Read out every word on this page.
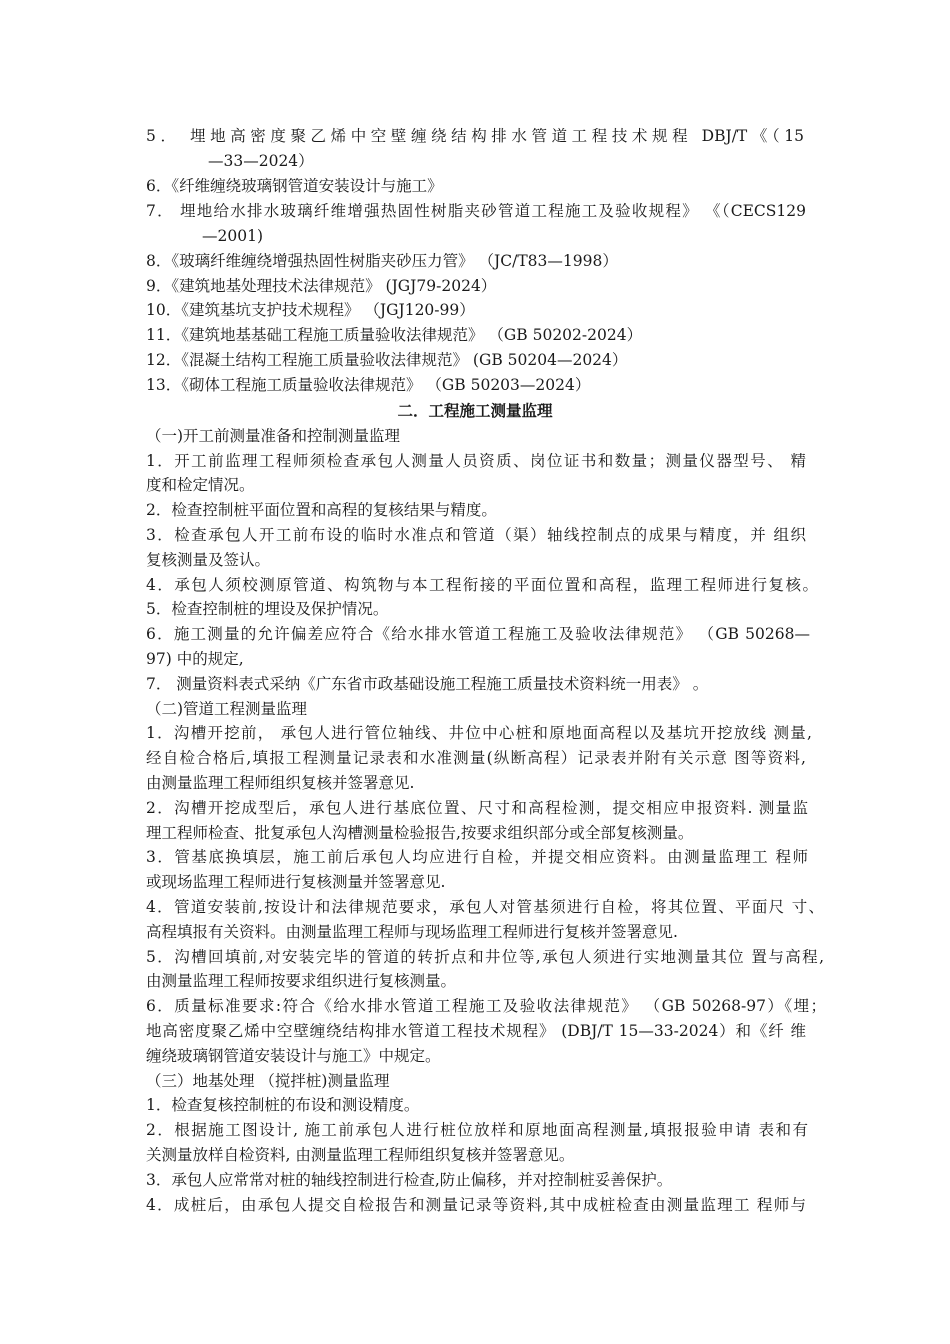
5． 埋地高密度聚乙烯中空壁缠绕结构排水管道工程技术规程 DBJ/T《（15
—33—2024）
6．《纤维缠绕玻璃钢管道安装设计与施工》
7． 埋地给水排水玻璃纤维增强热固性树脂夹砂管道工程施工及验收规程》 《（CECS129
—2001)
8．《玻璃纤维缠绕增强热固性树脂夹砂压力管》 （JC/T83—1998）
9．《建筑地基处理技术法律规范》 (JGJ79-2024）
10．《建筑基坑支护技术规程》 （JGJ120-99）
11．《建筑地基基础工程施工质量验收法律规范》 （GB 50202-2024）
12．《混凝土结构工程施工质量验收法律规范》 (GB 50204—2024）
13．《砌体工程施工质量验收法律规范》 （GB 50203—2024）
二．工程施工测量监理
（一)开工前测量准备和控制测量监理
1．开工前监理工程师须检查承包人测量人员资质、岗位证书和数量；测量仪器型号、 精
度和检定情况。
2．检查控制桩平面位置和高程的复核结果与精度。
3．检查承包人开工前布设的临时水准点和管道（渠）轴线控制点的成果与精度，并 组织
复核测量及签认。
4．承包人须校测原管道、构筑物与本工程衔接的平面位置和高程，监理工程师进行复核。
5．检查控制桩的埋设及保护情况。
6．施工测量的允许偏差应符合《给水排水管道工程施工及验收法律规范》 （GB 50268—
97) 中的规定,
7． 测量资料表式采纳《广东省市政基础设施工程施工质量技术资料统一用表》 。
（二)管道工程测量监理
1．沟槽开挖前， 承包人进行管位轴线、井位中心桩和原地面高程以及基坑开挖放线 测量,
经自检合格后,填报工程测量记录表和水准测量(纵断高程）记录表并附有关示意 图等资料,
由测量监理工程师组织复核并签署意见.
2．沟槽开挖成型后，承包人进行基底位置、尺寸和高程检测，提交相应申报资料. 测量监
理工程师检查、批复承包人沟槽测量检验报告,按要求组织部分或全部复核测量。
3．管基底换填层，施工前后承包人均应进行自检，并提交相应资料。由测量监理工 程师
或现场监理工程师进行复核测量并签署意见.
4．管道安装前,按设计和法律规范要求，承包人对管基须进行自检，将其位置、平面尺 寸、
高程填报有关资料。由测量监理工程师与现场监理工程师进行复核并签署意见.
5．沟槽回填前,对安装完毕的管道的转折点和井位等,承包人须进行实地测量其位 置与高程,
由测量监理工程师按要求组织进行复核测量。
6．质量标准要求:符合《给水排水管道工程施工及验收法律规范》 （GB 50268-97）《埋；
地高密度聚乙烯中空壁缠绕结构排水管道工程技术规程》 (DBJ/T 15—33-2024）和《纤 维
缠绕玻璃钢管道安装设计与施工》中规定。
（三）地基处理 （搅拌桩)测量监理
1．检查复核控制桩的布设和测设精度。
2．根据施工图设计, 施工前承包人进行桩位放样和原地面高程测量,填报报验申请 表和有
关测量放样自检资料, 由测量监理工程师组织复核并签署意见。
3．承包人应常常对桩的轴线控制进行检查,防止偏移，并对控制桩妥善保护。
4．成桩后，由承包人提交自检报告和测量记录等资料,其中成桩检查由测量监理工 程师与
